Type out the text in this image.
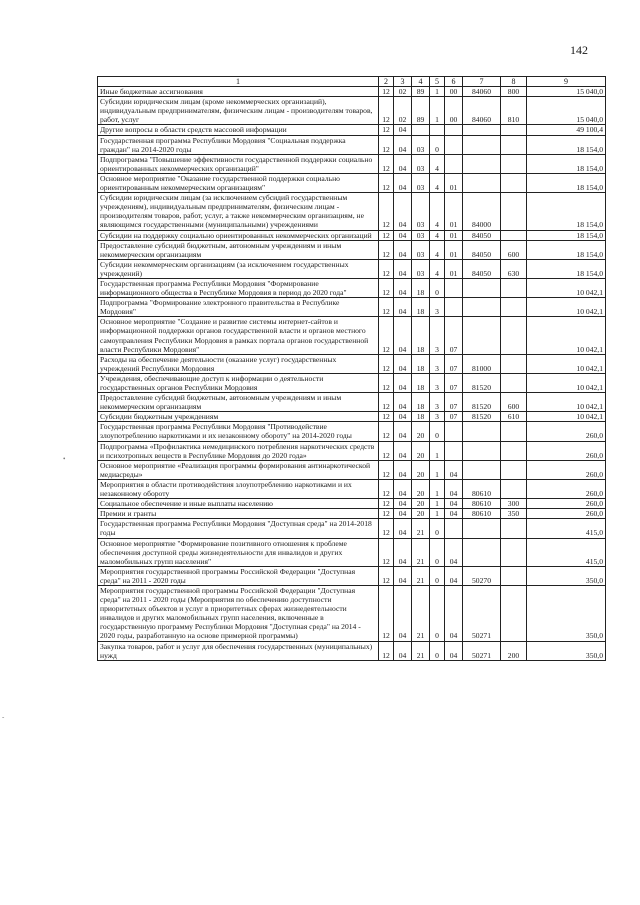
142
1	2	3	4	5	6	7	8	9
Иные бюджетные ассигнования	12	02	89	1	00	84060	800	15 040,0
Субсидии юридическим лицам (кроме некоммерческих организаций), индивидуальным предпринимателям, физическим лицам - производителям товаров, работ, услуг	12	02	89	1	00	84060	810	15 040,0
Другие вопросы в области средств массовой информации	12	04						49 100,4
Государственная программа Республики Мордовия "Социальная поддержка граждан" на 2014-2020 годы	12	04	03	0				18 154,0
Подпрограмма "Повышение эффективности государственной поддержки социально ориентированных некоммерческих организаций"	12	04	03	4				18 154,0
Основное мероприятие "Оказание государственной поддержки социально ориентированным некоммерческим организациям"	12	04	03	4	01			18 154,0
Субсидии юридическим лицам (за исключением субсидий государственным учреждениям), индивидуальным предпринимателям, физическим лицам - производителям товаров, работ, услуг, а также некоммерческим организациям, не являющимся государственными (муниципальными) учреждениями	12	04	03	4	01	84000		18 154,0
Субсидии на поддержку социально ориентированных некоммерческих организаций	12	04	03	4	01	84050		18 154,0
Предоставление субсидий бюджетным, автономным учреждениям и иным некоммерческим организациям	12	04	03	4	01	84050	600	18 154,0
Субсидии некоммерческим организациям (за исключением государственных учреждений)	12	04	03	4	01	84050	630	18 154,0
Государственная программа Республики Мордовия "Формирование информационного общества в Республике Мордовия в период до 2020 года"	12	04	18	0				10 042,1
Подпрограмма "Формирование электронного правительства в Республике Мордовия"	12	04	18	3				10 042,1
Основное мероприятие "Создание и развитие системы интернет-сайтов и информационной поддержки органов государственной власти и органов местного самоуправления Республики Мордовия в рамках портала органов государственной власти Республики Мордовия"	12	04	18	3	07			10 042,1
Расходы на обеспечение деятельности (оказание услуг) государственных учреждений Республики Мордовия	12	04	18	3	07	81000		10 042,1
Учреждения, обеспечивающие доступ к информации о деятельности государственных органов Республики Мордовия	12	04	18	3	07	81520		10 042,1
Предоставление субсидий бюджетным, автономным учреждениям и иным некоммерческим организациям	12	04	18	3	07	81520	600	10 042,1
Субсидии бюджетным учреждениям	12	04	18	3	07	81520	610	10 042,1
Государственная программа Республики Мордовия "Противодействие злоупотреблению наркотиками и их незаконному обороту" на 2014-2020 годы	12	04	20	0				260,0
Подпрограмма «Профилактика немедицинского потребления наркотических средств и психотропных веществ в Республике Мордовия до 2020 года»	12	04	20	1				260,0
Основное мероприятие «Реализация программы формирования антинаркотической медиасреды»	12	04	20	1	04			260,0
Мероприятия в области противодействия злоупотреблению наркотиками и их незаконному обороту	12	04	20	1	04	80610		260,0
Социальное обеспечение и иные выплаты населению	12	04	20	1	04	80610	300	260,0
Премии и гранты	12	04	20	1	04	80610	350	260,0
Государственная программа Республики Мордовия "Доступная среда" на 2014-2018 годы	12	04	21	0				415,0
Основное мероприятие "Формирование позитивного отношения к проблеме обеспечения доступной среды жизнедеятельности для инвалидов и других маломобильных групп населения"	12	04	21	0	04			415,0
Мероприятия государственной программы Российской Федерации "Доступная среда" на 2011 - 2020 годы	12	04	21	0	04	50270		350,0
Мероприятия государственной программы Российской Федерации "Доступная среда" на 2011 - 2020 годы (Мероприятия по обеспечению доступности приоритетных объектов и услуг в приоритетных сферах жизнедеятельности инвалидов и других маломобильных групп населения, включенные в государственную программу Республики Мордовия "Доступная среда" на 2014 - 2020 годы, разработанную на основе примерной программы)	12	04	21	0	04	50271		350,0
Закупка товаров, работ и услуг для обеспечения государственных (муниципальных) нужд	12	04	21	0	04	50271	200	350,0
•
-
